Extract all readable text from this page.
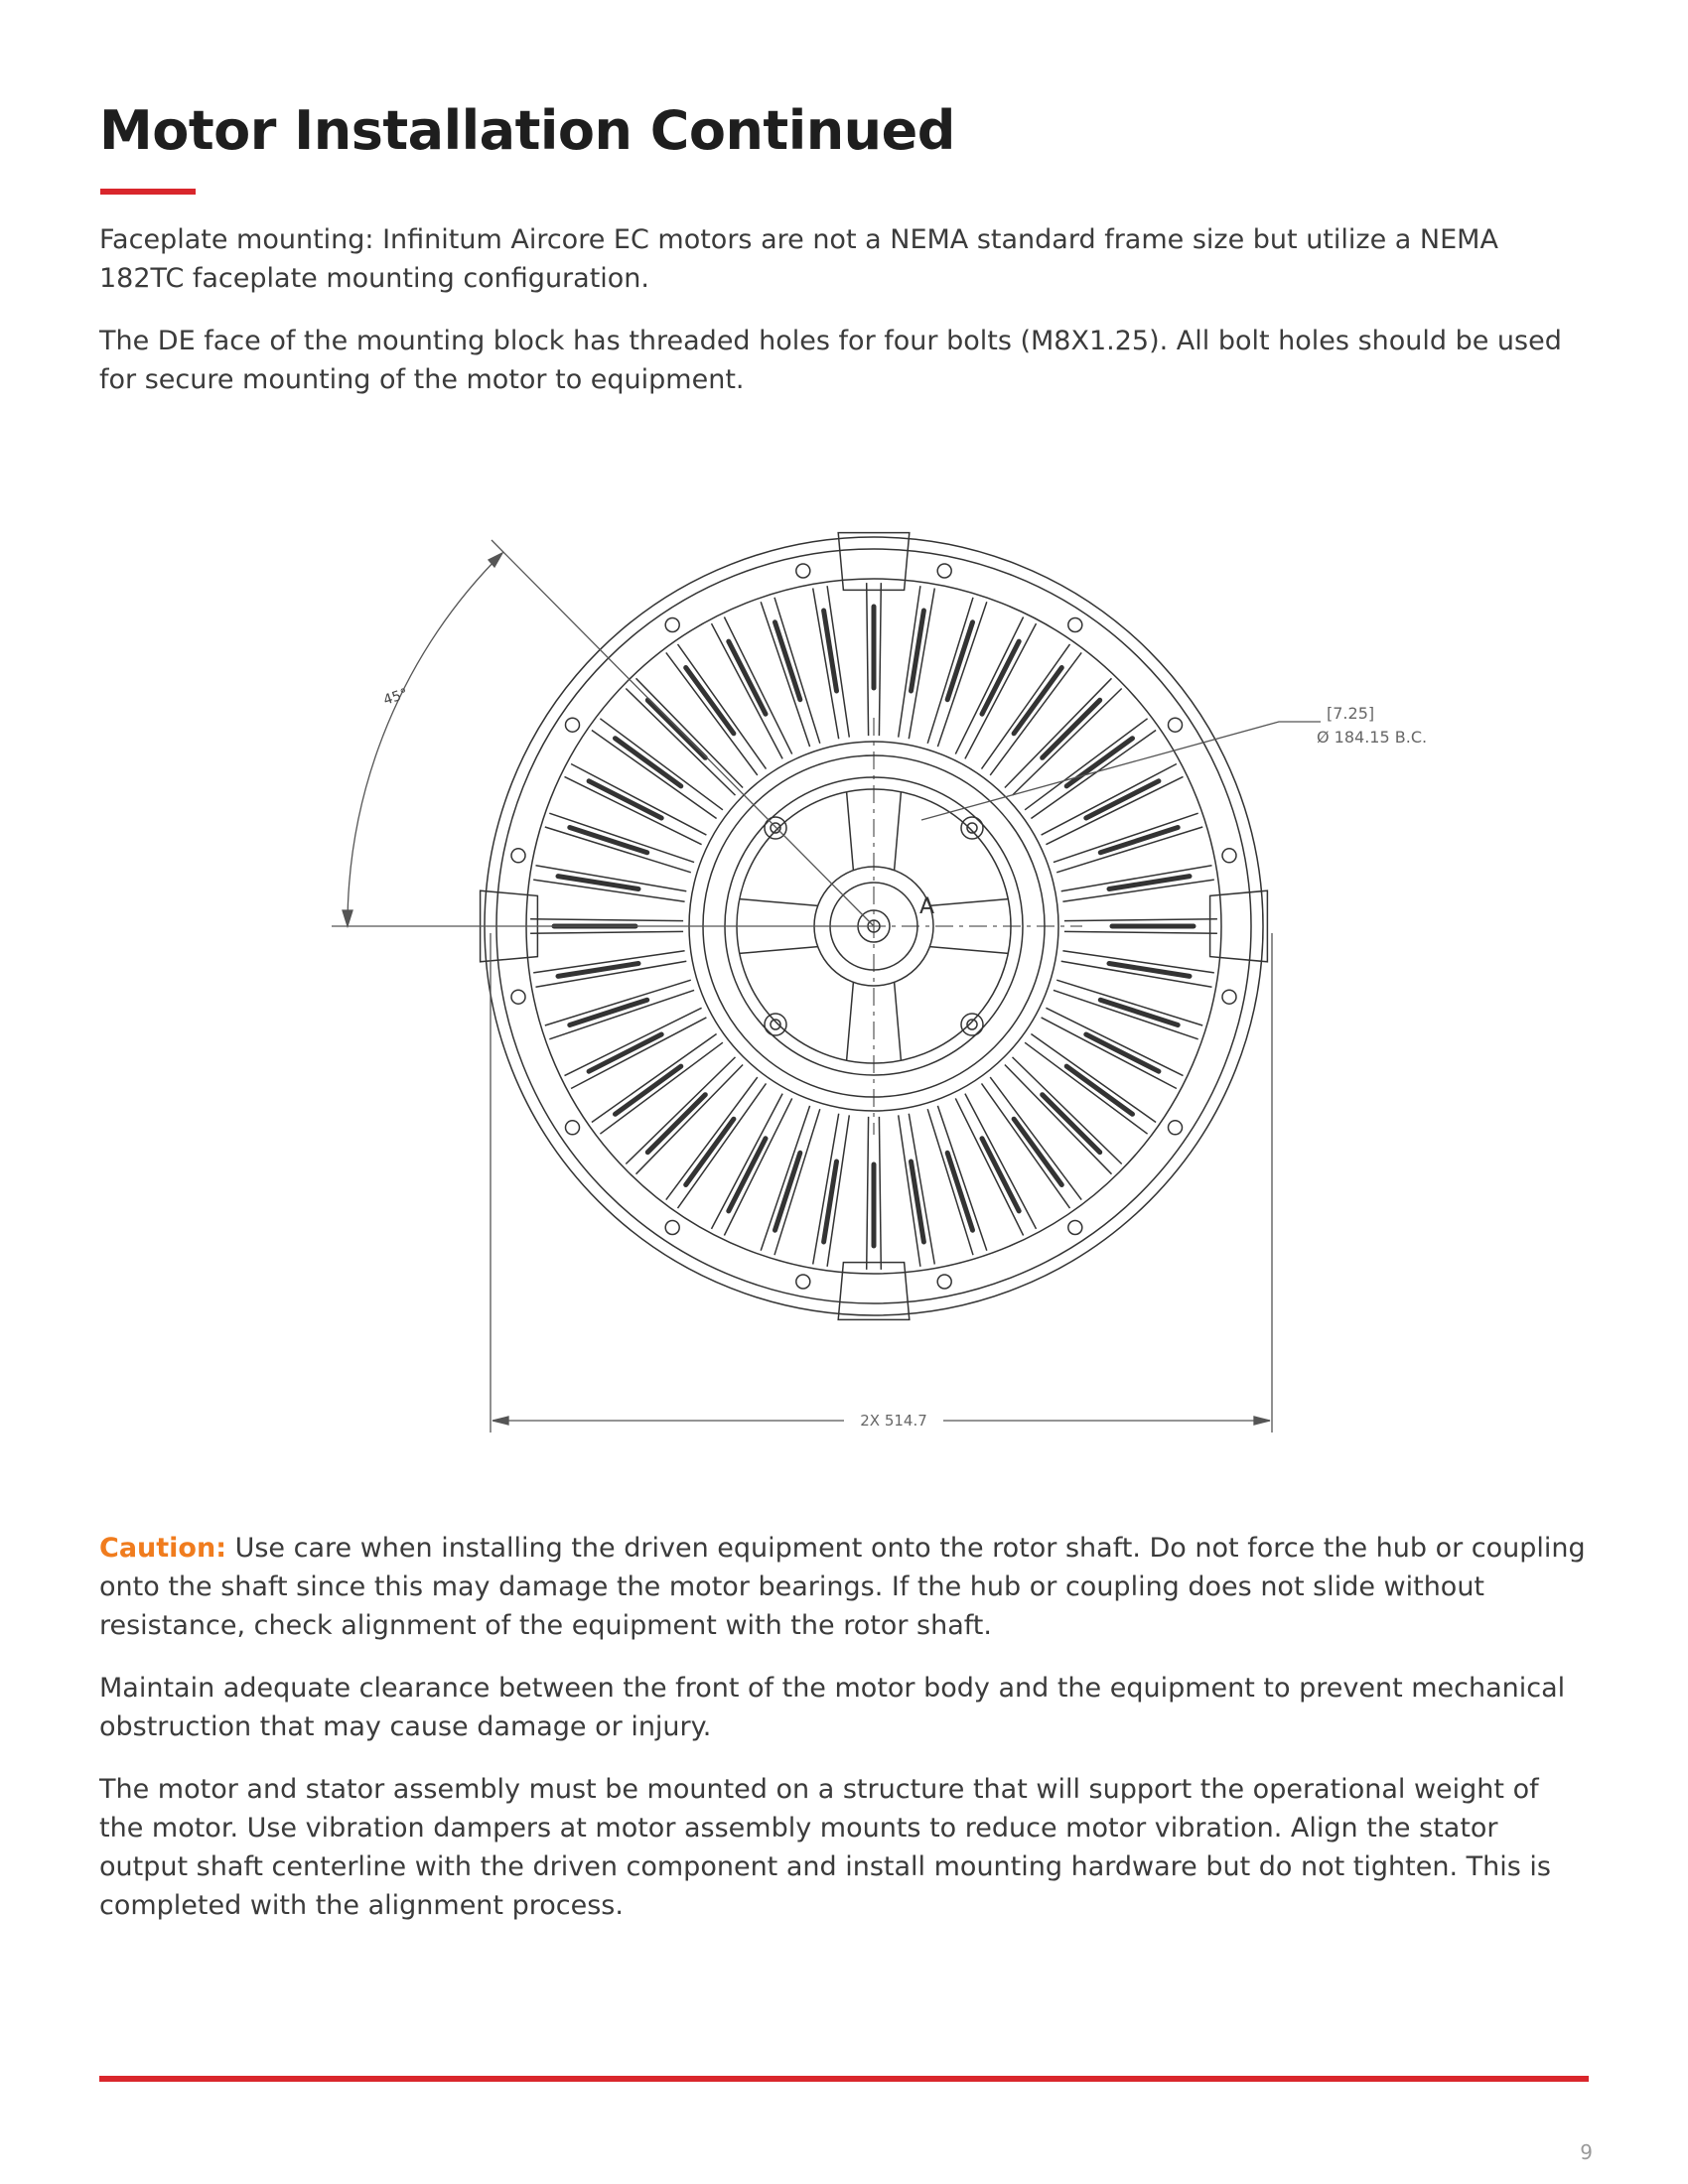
Motor Installation Continued

Faceplate mounting: Infinitum Aircore EC motors are not a NEMA standard frame size but utilize a NEMA 182TC faceplate mounting configuration.

The DE face of the mounting block has threaded holes for four bolts (M8X1.25). All bolt holes should be used for secure mounting of the motor to equipment.

45°
[7.25]
Ø 184.15 B.C.
2X 514.7
A

Caution: Use care when installing the driven equipment onto the rotor shaft. Do not force the hub or coupling onto the shaft since this may damage the motor bearings. If the hub or coupling does not slide without resistance, check alignment of the equipment with the rotor shaft.

Maintain adequate clearance between the front of the motor body and the equipment to prevent mechanical obstruction that may cause damage or injury.

The motor and stator assembly must be mounted on a structure that will support the operational weight of the motor. Use vibration dampers at motor assembly mounts to reduce motor vibration. Align the stator output shaft centerline with the driven component and install mounting hardware but do not tighten. This is completed with the alignment process.

9
